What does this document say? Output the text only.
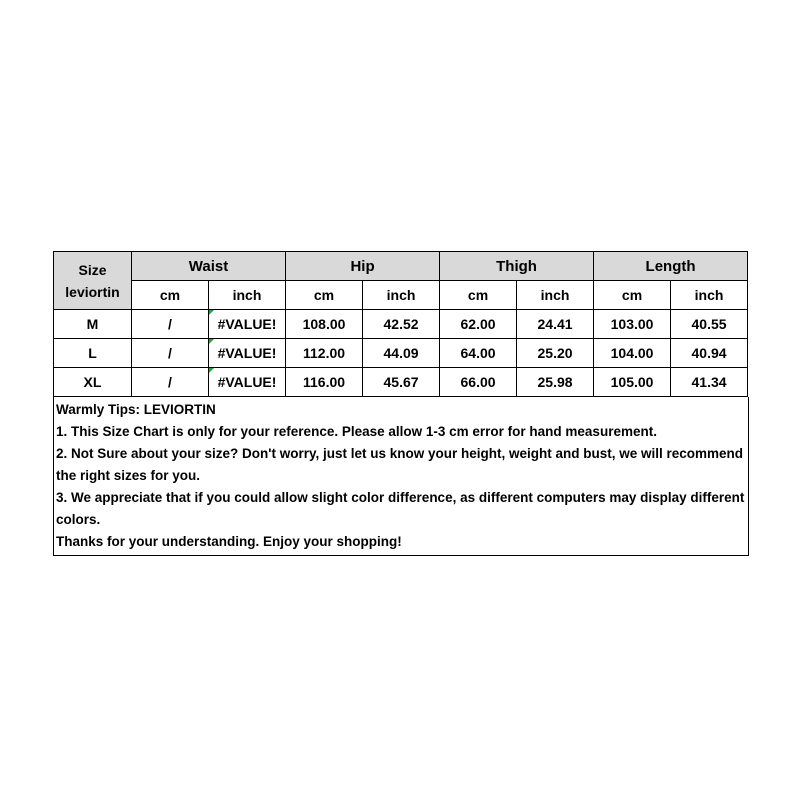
Size
leviortin	Waist		Hip		Thigh		Length	
	cm	inch	cm	inch	cm	inch	cm	inch
M	/	#VALUE!	108.00	42.52	62.00	24.41	103.00	40.55
L	/	#VALUE!	112.00	44.09	64.00	25.20	104.00	40.94
XL	/	#VALUE!	116.00	45.67	66.00	25.98	105.00	41.34
Warmly Tips: LEVIORTIN
1. This Size Chart is only for your reference. Please allow 1-3 cm error for hand measurement.
2. Not Sure about your size? Don't worry, just let us know your height, weight and bust, we will recommend the right sizes for you.
3. We appreciate that if you could allow slight color difference, as different computers may display different colors.
Thanks for your understanding. Enjoy your shopping!
